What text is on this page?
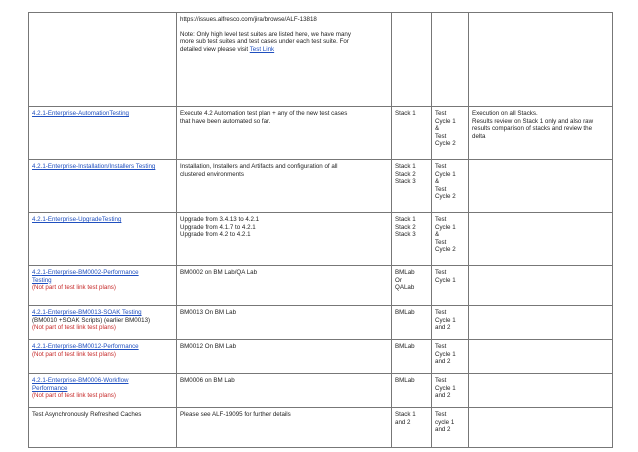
	https://issues.alfresco.com/jira/browse/ALF-13818
Note: Only high level test suites are listed here, we have many
more sub test suites and test cases under each test suite. For
detailed view please visit Test Link			

4.2.1-Enterprise-AutomationTesting	Execute 4.2 Automation test plan + any of the new test cases
that have been automated so far.	Stack 1	Test
Cycle 1
&
Test
Cycle 2	Execution on all Stacks.
Results review on Stack 1 only and also raw
results comparison of stacks and review the
delta

4.2.1-Enterprise-Installation/Installers Testing	Installation, Installers and Artifacts and configuration of all
clustered environments	Stack 1
Stack 2
Stack 3	Test
Cycle 1
&
Test
Cycle 2	

4.2.1-Enterprise-UpgradeTesting	Upgrade from 3.4.13 to 4.2.1
Upgrade from 4.1.7 to 4.2.1
Upgrade from 4.2 to 4.2.1	Stack 1
Stack 2
Stack 3	Test
Cycle 1
&
Test
Cycle 2	

4.2.1-Enterprise-BM0002-Performance
Testing
(Not part of test link test plans)	BM0002 on BM Lab/QA Lab	BMLab
Or
QALab	Test
Cycle 1	

4.2.1-Enterprise-BM0013-SOAK Testing
(BM0010 +SOAK Scripts) (earlier BM0013)
(Not part of test link test plans)	BM0013 On BM Lab	BMLab	Test
Cycle 1
and 2	

4.2.1-Enterprise-BM0012-Performance
(Not part of test link test plans)	BM0012 On BM Lab	BMLab	Test
Cycle 1
and 2	

4.2.1-Enterprise-BM0006-Workflow
Performance
(Not part of test link test plans)	BM0006 on BM Lab	BMLab	Test
Cycle 1
and 2	

Test Asynchronously Refreshed Caches	Please see ALF-19095 for further details	Stack 1
and 2	Test
cycle 1
and 2	
